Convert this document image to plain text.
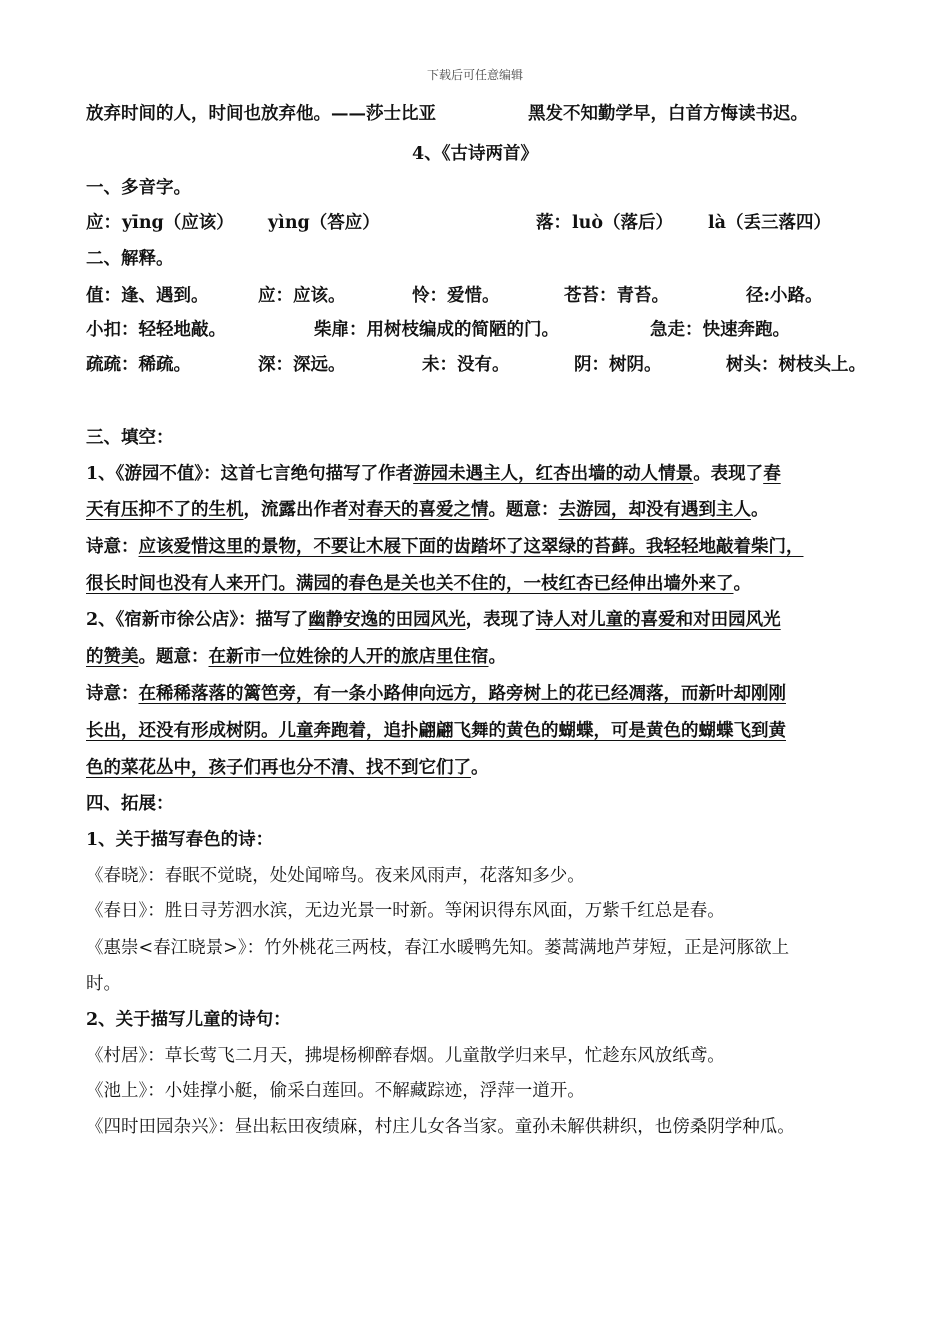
下载后可任意编辑
放弃时间的人，时间也放弃他。——莎士比亚	黑发不知勤学早，白首方悔读书迟。
4、《古诗两首》
一、多音字。
应： yīng（应该） yìng（答应）	落： luò（落后） là（丢三落四）
二、解释。
值：逢、遇到。	应：应该。	怜：爱惜。	苍苔：青苔。	径:小路。
小扣：轻轻地敲。	柴扉：用树枝编成的简陋的门。	急走：快速奔跑。
疏疏：稀疏。	深：深远。	未：没有。	阴：树阴。	树头：树枝头上。
三、填空：
1、《游园不值》：这首七言绝句描写了作者游园未遇主人，红杏出墙的动人情景。表现了春
天有压抑不了的生机，流露出作者对春天的喜爱之情。题意：去游园，却没有遇到主人。
诗意：应该爱惜这里的景物，不要让木屐下面的齿踏坏了这翠绿的苔藓。我轻轻地敲着柴门，
很长时间也没有人来开门。满园的春色是关也关不住的，一枝红杏已经伸出墙外来了。
2、《宿新市徐公店》：描写了幽静安逸的田园风光，表现了诗人对儿童的喜爱和对田园风光
的赞美。题意：在新市一位姓徐的人开的旅店里住宿。
诗意：在稀稀落落的篱笆旁，有一条小路伸向远方，路旁树上的花已经凋落，而新叶却刚刚
长出，还没有形成树阴。儿童奔跑着，追扑翩翩飞舞的黄色的蝴蝶，可是黄色的蝴蝶飞到黄
色的菜花丛中，孩子们再也分不清、找不到它们了。
四、拓展：
1、关于描写春色的诗：
《春晓》：春眠不觉晓，处处闻啼鸟。夜来风雨声，花落知多少。
《春日》：胜日寻芳泗水滨，无边光景一时新。等闲识得东风面，万紫千红总是春。
《惠崇<春江晓景>》：竹外桃花三两枝，春江水暖鸭先知。蒌蒿满地芦芽短，正是河豚欲上
时。
2、关于描写儿童的诗句：
《村居》：草长莺飞二月天，拂堤杨柳醉春烟。儿童散学归来早，忙趁东风放纸鸢。
《池上》：小娃撑小艇，偷采白莲回。不解藏踪迹，浮萍一道开。
《四时田园杂兴》：昼出耘田夜绩麻，村庄儿女各当家。童孙未解供耕织，也傍桑阴学种瓜。
